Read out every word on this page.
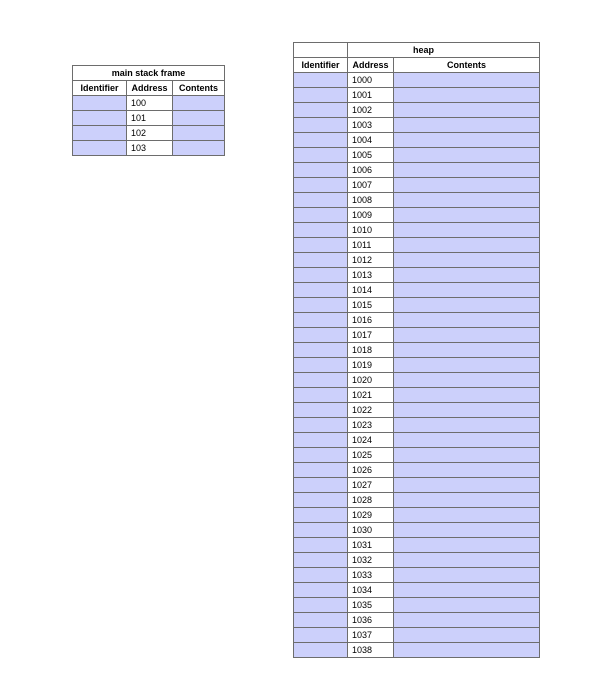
main stack frame		
Identifier	Address	Contents
	100	
	101	
	102	
	103	
	heap	
Identifier	Address	Contents
	1000	
	1001	
	1002	
	1003	
	1004	
	1005	
	1006	
	1007	
	1008	
	1009	
	1010	
	1011	
	1012	
	1013	
	1014	
	1015	
	1016	
	1017	
	1018	
	1019	
	1020	
	1021	
	1022	
	1023	
	1024	
	1025	
	1026	
	1027	
	1028	
	1029	
	1030	
	1031	
	1032	
	1033	
	1034	
	1035	
	1036	
	1037	
	1038	
